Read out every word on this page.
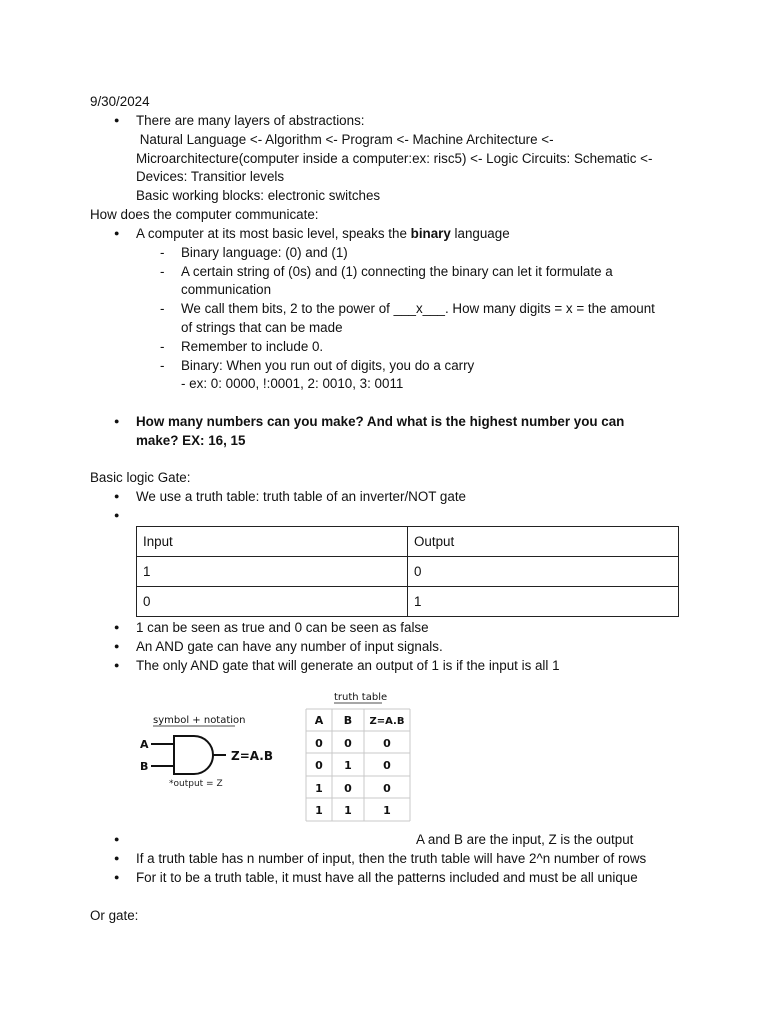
9/30/2024
● There are many layers of abstractions:
Natural Language <- Algorithm <- Program <- Machine Architecture <-
Microarchitecture(computer inside a computer:ex: risc5) <- Logic Circuits: Schematic <-
Devices: Transitior levels
Basic working blocks: electronic switches
How does the computer communicate:
● A computer at its most basic level, speaks the binary language
- Binary language: (0) and (1)
- A certain string of (0s) and (1) connecting the binary can let it formulate a
communication
- We call them bits, 2 to the power of ___x___. How many digits = x = the amount
of strings that can be made
- Remember to include 0.
- Binary: When you run out of digits, you do a carry
- ex: 0: 0000, !:0001, 2: 0010, 3: 0011
● How many numbers can you make? And what is the highest number you can
make? EX: 16, 15
Basic logic Gate:
● We use a truth table: truth table of an inverter/NOT gate
Input	Output
1	0
0	1
● 1 can be seen as true and 0 can be seen as false
● An AND gate can have any number of input signals.
● The only AND gate that will generate an output of 1 is if the input is all 1
symbol + notation
A
B
Z=A.B
*output = Z
truth table
A B Z=A.B
0 0	0
0 1	0
1 0	0
1 1	1
A and B are the input, Z is the output
● If a truth table has n number of input, then the truth table will have 2^n number of rows
● For it to be a truth table, it must have all the patterns included and must be all unique
Or gate:
